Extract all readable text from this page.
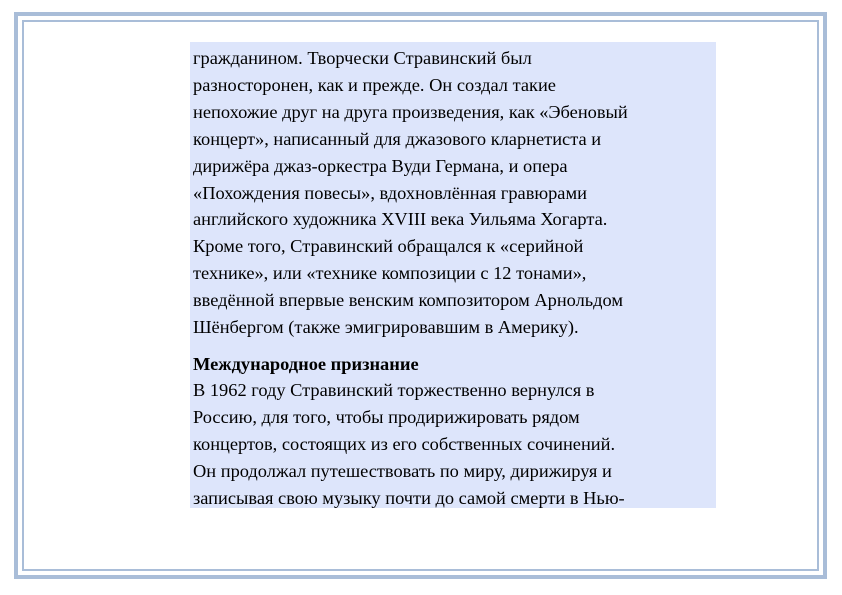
гражданином. Творчески Стравинский был
разносторонен, как и прежде. Он создал такие
непохожие друг на друга произведения, как «Эбеновый
концерт», написанный для джазового кларнетиста и
дирижёра джаз-оркестра Вуди Германа, и опера
«Похождения повесы», вдохновлённая гравюрами
английского художника XVIII века Уильяма Хогарта.
Кроме того, Стравинский обращался к «серийной
технике», или «технике композиции с 12 тонами»,
введённой впервые венским композитором Арнольдом
Шёнбергом (также эмигрировавшим в Америку).

Международное признание

В 1962 году Стравинский торжественно вернулся в
Россию, для того, чтобы продирижировать рядом
концертов, состоящих из его собственных сочинений.
Он продолжал путешествовать по миру, дирижируя и
записывая свою музыку почти до самой смерти в Нью-
